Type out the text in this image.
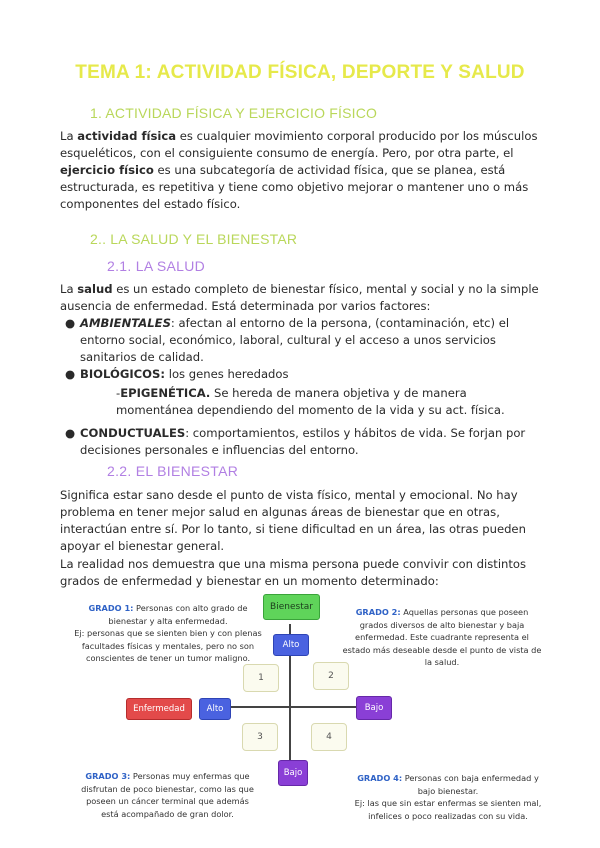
TEMA 1: ACTIVIDAD FÍSICA, DEPORTE Y SALUD
1. ACTIVIDAD FÍSICA Y EJERCICIO FÍSICO

La actividad física es cualquier movimiento corporal producido por los músculos esqueléticos, con el consiguiente consumo de energía. Pero, por otra parte, el ejercicio físico es una subcategoría de actividad física, que se planea, está estructurada, es repetitiva y tiene como objetivo mejorar o mantener uno o más componentes del estado físico.

2.. LA SALUD Y EL BIENESTAR
2.1. LA SALUD

La salud es un estado completo de bienestar físico, mental y social y no la simple ausencia de enfermedad. Está determinada por varios factores:

● AMBIENTALES: afectan al entorno de la persona, (contaminación, etc) el entorno social, económico, laboral, cultural y el acceso a unos servicios sanitarios de calidad.
● BIOLÓGICOS: los genes heredados
-EPIGENÉTICA. Se hereda de manera objetiva y de manera momentánea dependiendo del momento de la vida y su act. física.
● CONDUCTUALES: comportamientos, estilos y hábitos de vida. Se forjan por decisiones personales e influencias del entorno.
2.2. EL BIENESTAR

Significa estar sano desde el punto de vista físico, mental y emocional. No hay problema en tener mejor salud en algunas áreas de bienestar que en otras, interactúan entre sí. Por lo tanto, si tiene dificultad en un área, las otras pueden apoyar el bienestar general.

La realidad nos demuestra que una misma persona puede convivir con distintos grados de enfermedad y bienestar en un momento determinado:

GRADO 1: Personas con alto grado de bienestar y alta enfermedad.
Ej: personas que se sienten bien y con plenas facultades físicas y mentales, pero no son conscientes de tener un tumor maligno.
GRADO 2: Aquellas personas que poseen grados diversos de alto bienestar y baja enfermedad. Este cuadrante representa el estado más deseable desde el punto de vista de la salud.
GRADO 3: Personas muy enfermas que disfrutan de poco bienestar, como las que poseen un cáncer terminal que además está acompañado de gran dolor.
GRADO 4: Personas con baja enfermedad y bajo bienestar.
Ej: las que sin estar enfermas se sienten mal, infelices o poco realizadas con su vida.
Bienestar
Alto
Enfermedad	Alto	Bajo
Bajo
1	2
3	4
